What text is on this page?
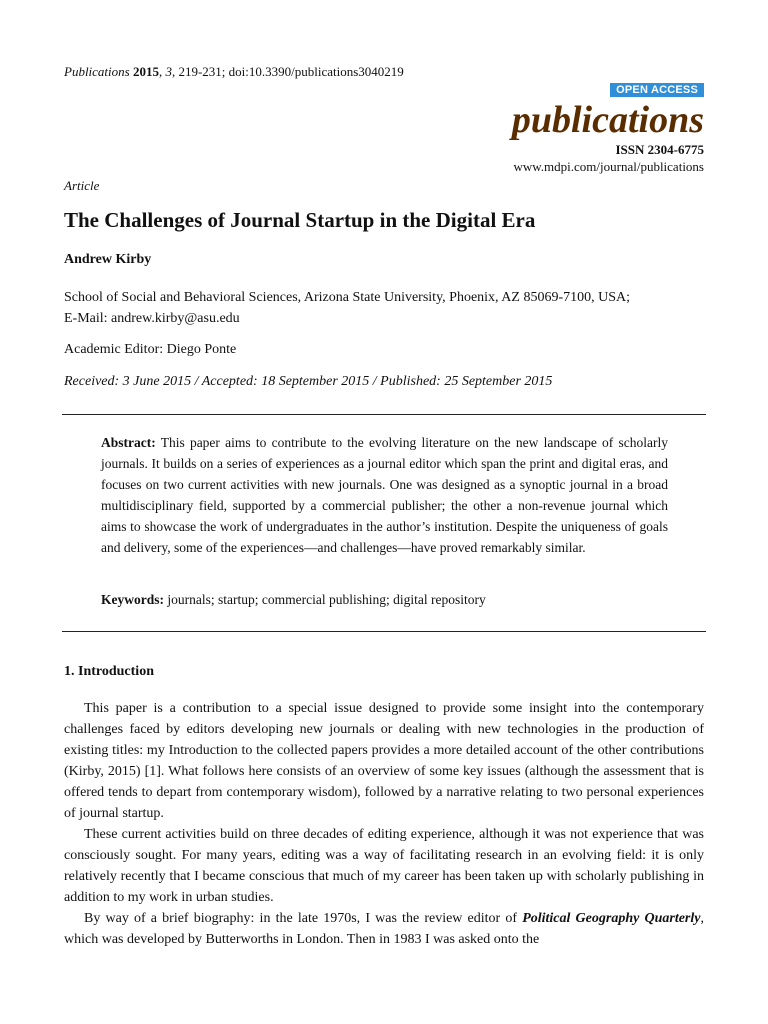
Publications 2015, 3, 219-231; doi:10.3390/publications3040219
OPEN ACCESS
publications
ISSN 2304-6775
www.mdpi.com/journal/publications
Article
The Challenges of Journal Startup in the Digital Era
Andrew Kirby
School of Social and Behavioral Sciences, Arizona State University, Phoenix, AZ 85069-7100, USA;
E-Mail: andrew.kirby@asu.edu
Academic Editor: Diego Ponte
Received: 3 June 2015 / Accepted: 18 September 2015 / Published: 25 September 2015
Abstract: This paper aims to contribute to the evolving literature on the new landscape of scholarly journals. It builds on a series of experiences as a journal editor which span the print and digital eras, and focuses on two current activities with new journals. One was designed as a synoptic journal in a broad multidisciplinary field, supported by a commercial publisher; the other a non-revenue journal which aims to showcase the work of undergraduates in the author’s institution. Despite the uniqueness of goals and delivery, some of the experiences—and challenges—have proved remarkably similar.
Keywords: journals; startup; commercial publishing; digital repository
1. Introduction

This paper is a contribution to a special issue designed to provide some insight into the contemporary challenges faced by editors developing new journals or dealing with new technologies in the production of existing titles: my Introduction to the collected papers provides a more detailed account of the other contributions (Kirby, 2015) [1]. What follows here consists of an overview of some key issues (although the assessment that is offered tends to depart from contemporary wisdom), followed by a narrative relating to two personal experiences of journal startup.

These current activities build on three decades of editing experience, although it was not experience that was consciously sought. For many years, editing was a way of facilitating research in an evolving field: it is only relatively recently that I became conscious that much of my career has been taken up with scholarly publishing in addition to my work in urban studies.

By way of a brief biography: in the late 1970s, I was the review editor of Political Geography Quarterly, which was developed by Butterworths in London. Then in 1983 I was asked onto the
